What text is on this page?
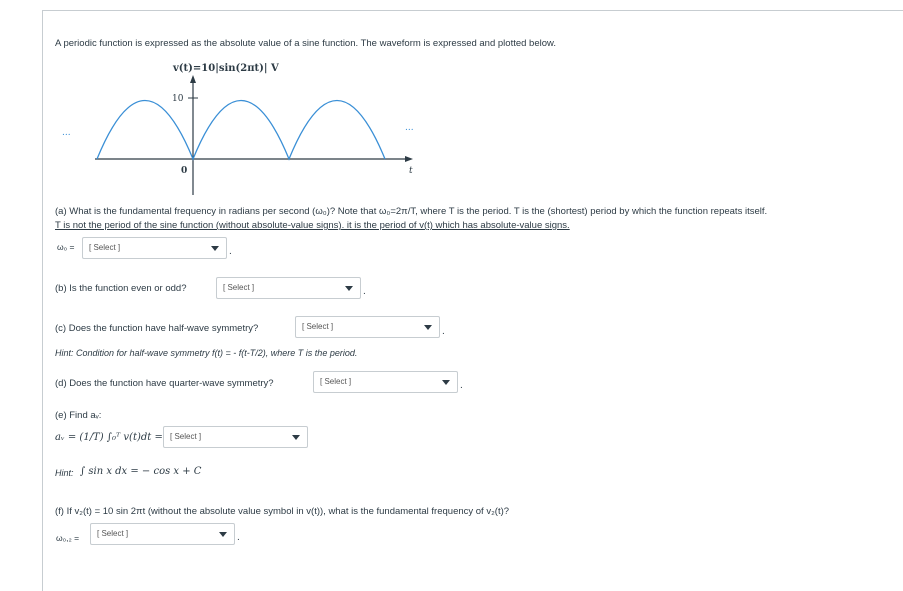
A periodic function is expressed as the absolute value of a sine function. The waveform is expressed and plotted below.
v(t)=10|sin(2πt)| V
10
0	t
...	...
(a) What is the fundamental frequency in radians per second (ω₀)? Note that ω₀=2π/T, where T is the period. T is the (shortest) period by which the function repeats itself.
T is not the period of the sine function (without absolute-value signs). it is the period of v(t) which has absolute-value signs.
ω₀ = [ Select ]	.
(b) Is the function even or odd?	[ Select ]	.
(c) Does the function have half-wave symmetry?	[ Select ]	.
Hint: Condition for half-wave symmetry f(t) = - f(t-T/2), where T is the period.
(d) Does the function have quarter-wave symmetry?	[ Select ]	.
(e) Find aᵥ:
aᵥ = (1/T) ∫₀ᵀ v(t)dt = [ Select ]
Hint: ∫ sin x dx = − cos x + C
(f) If v₂(t) = 10 sin 2πt (without the absolute value symbol in v(t)), what is the fundamental frequency of v₂(t)?
ω₀,₂ = [ Select ]	.
